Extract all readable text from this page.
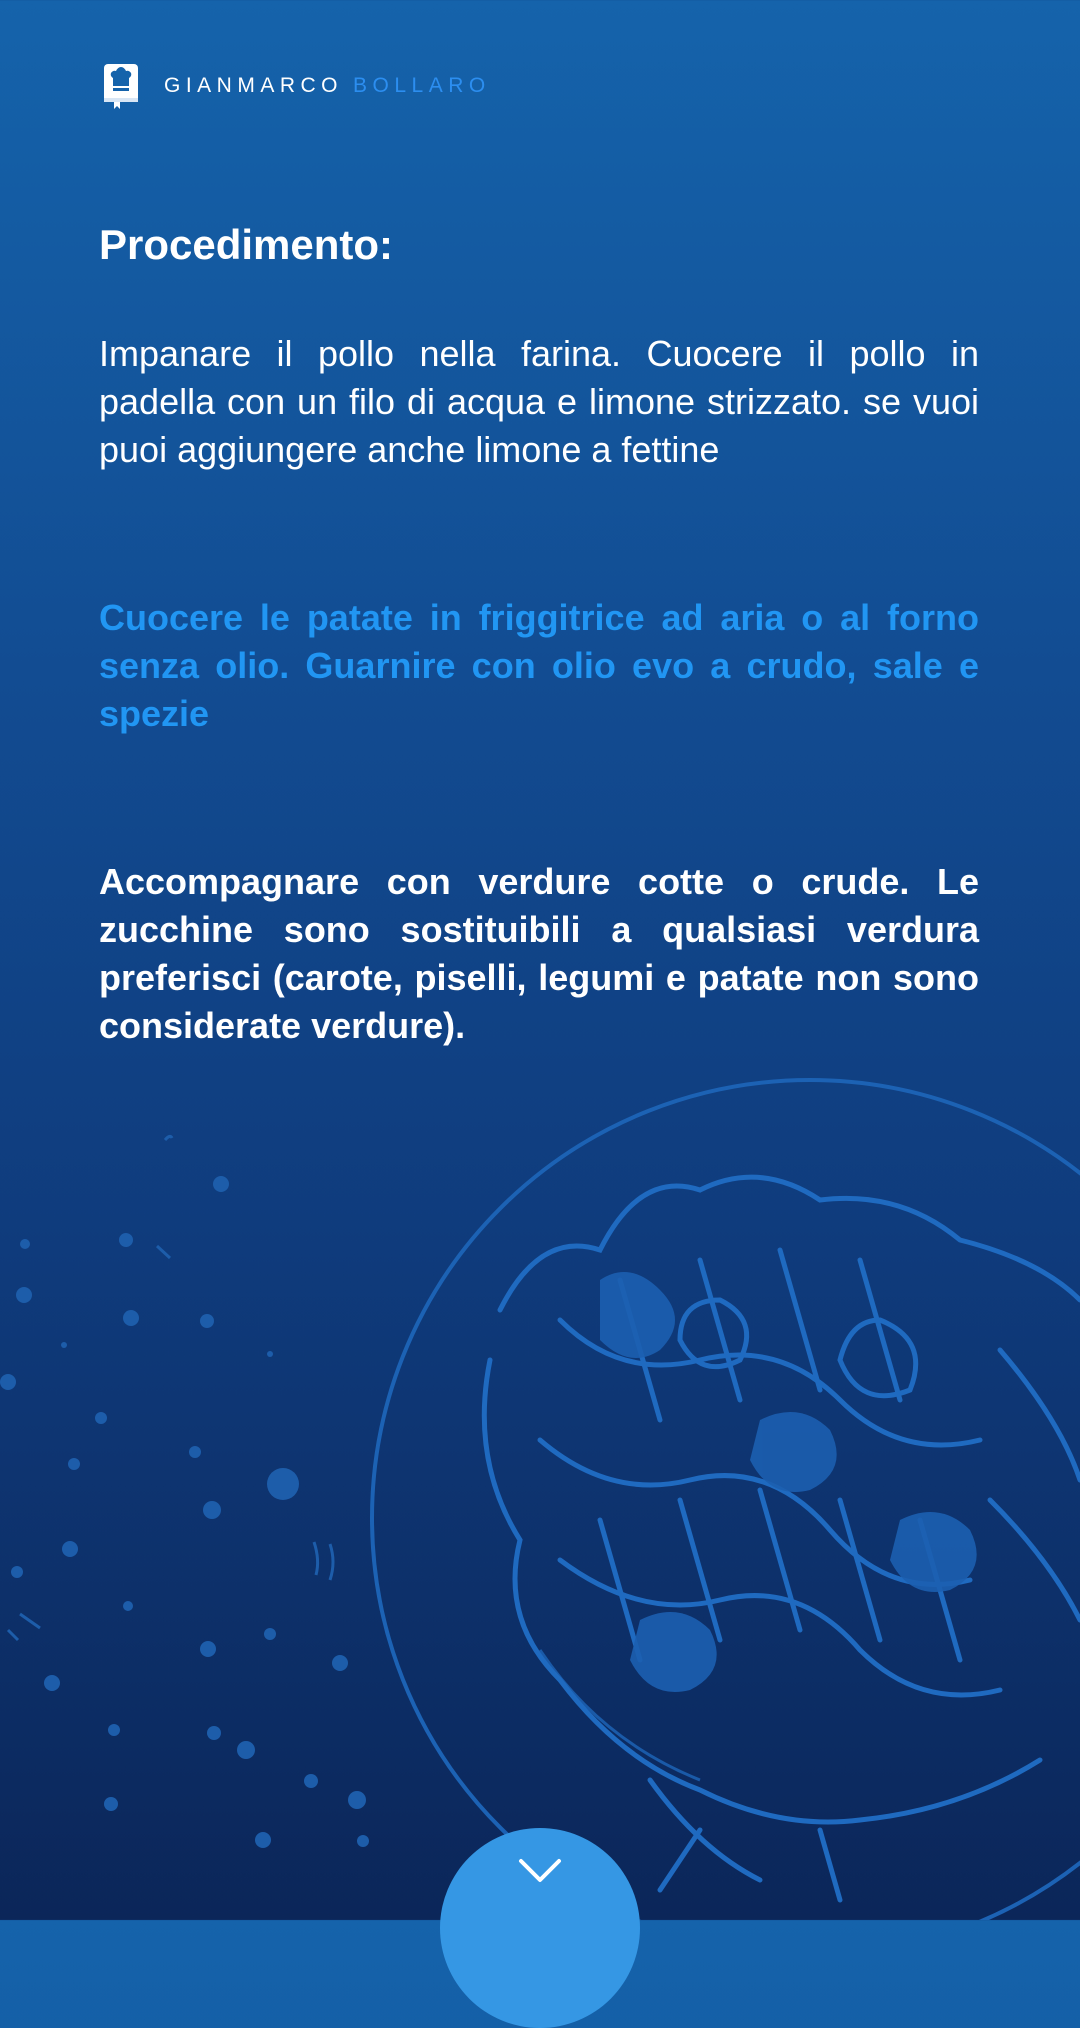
GIANMARCO BOLLARO
Procedimento:

Impanare il pollo nella farina. Cuocere il pollo in padella con un filo di acqua e limone strizzato. se vuoi puoi aggiungere anche limone a fettine

Cuocere le patate in friggitrice ad aria o al forno senza olio. Guarnire con olio evo a crudo, sale e spezie

Accompagnare con verdure cotte o crude. Le zucchine sono sostituibili a qualsiasi verdura preferisci (carote, piselli, legumi e patate non sono considerate verdure).
